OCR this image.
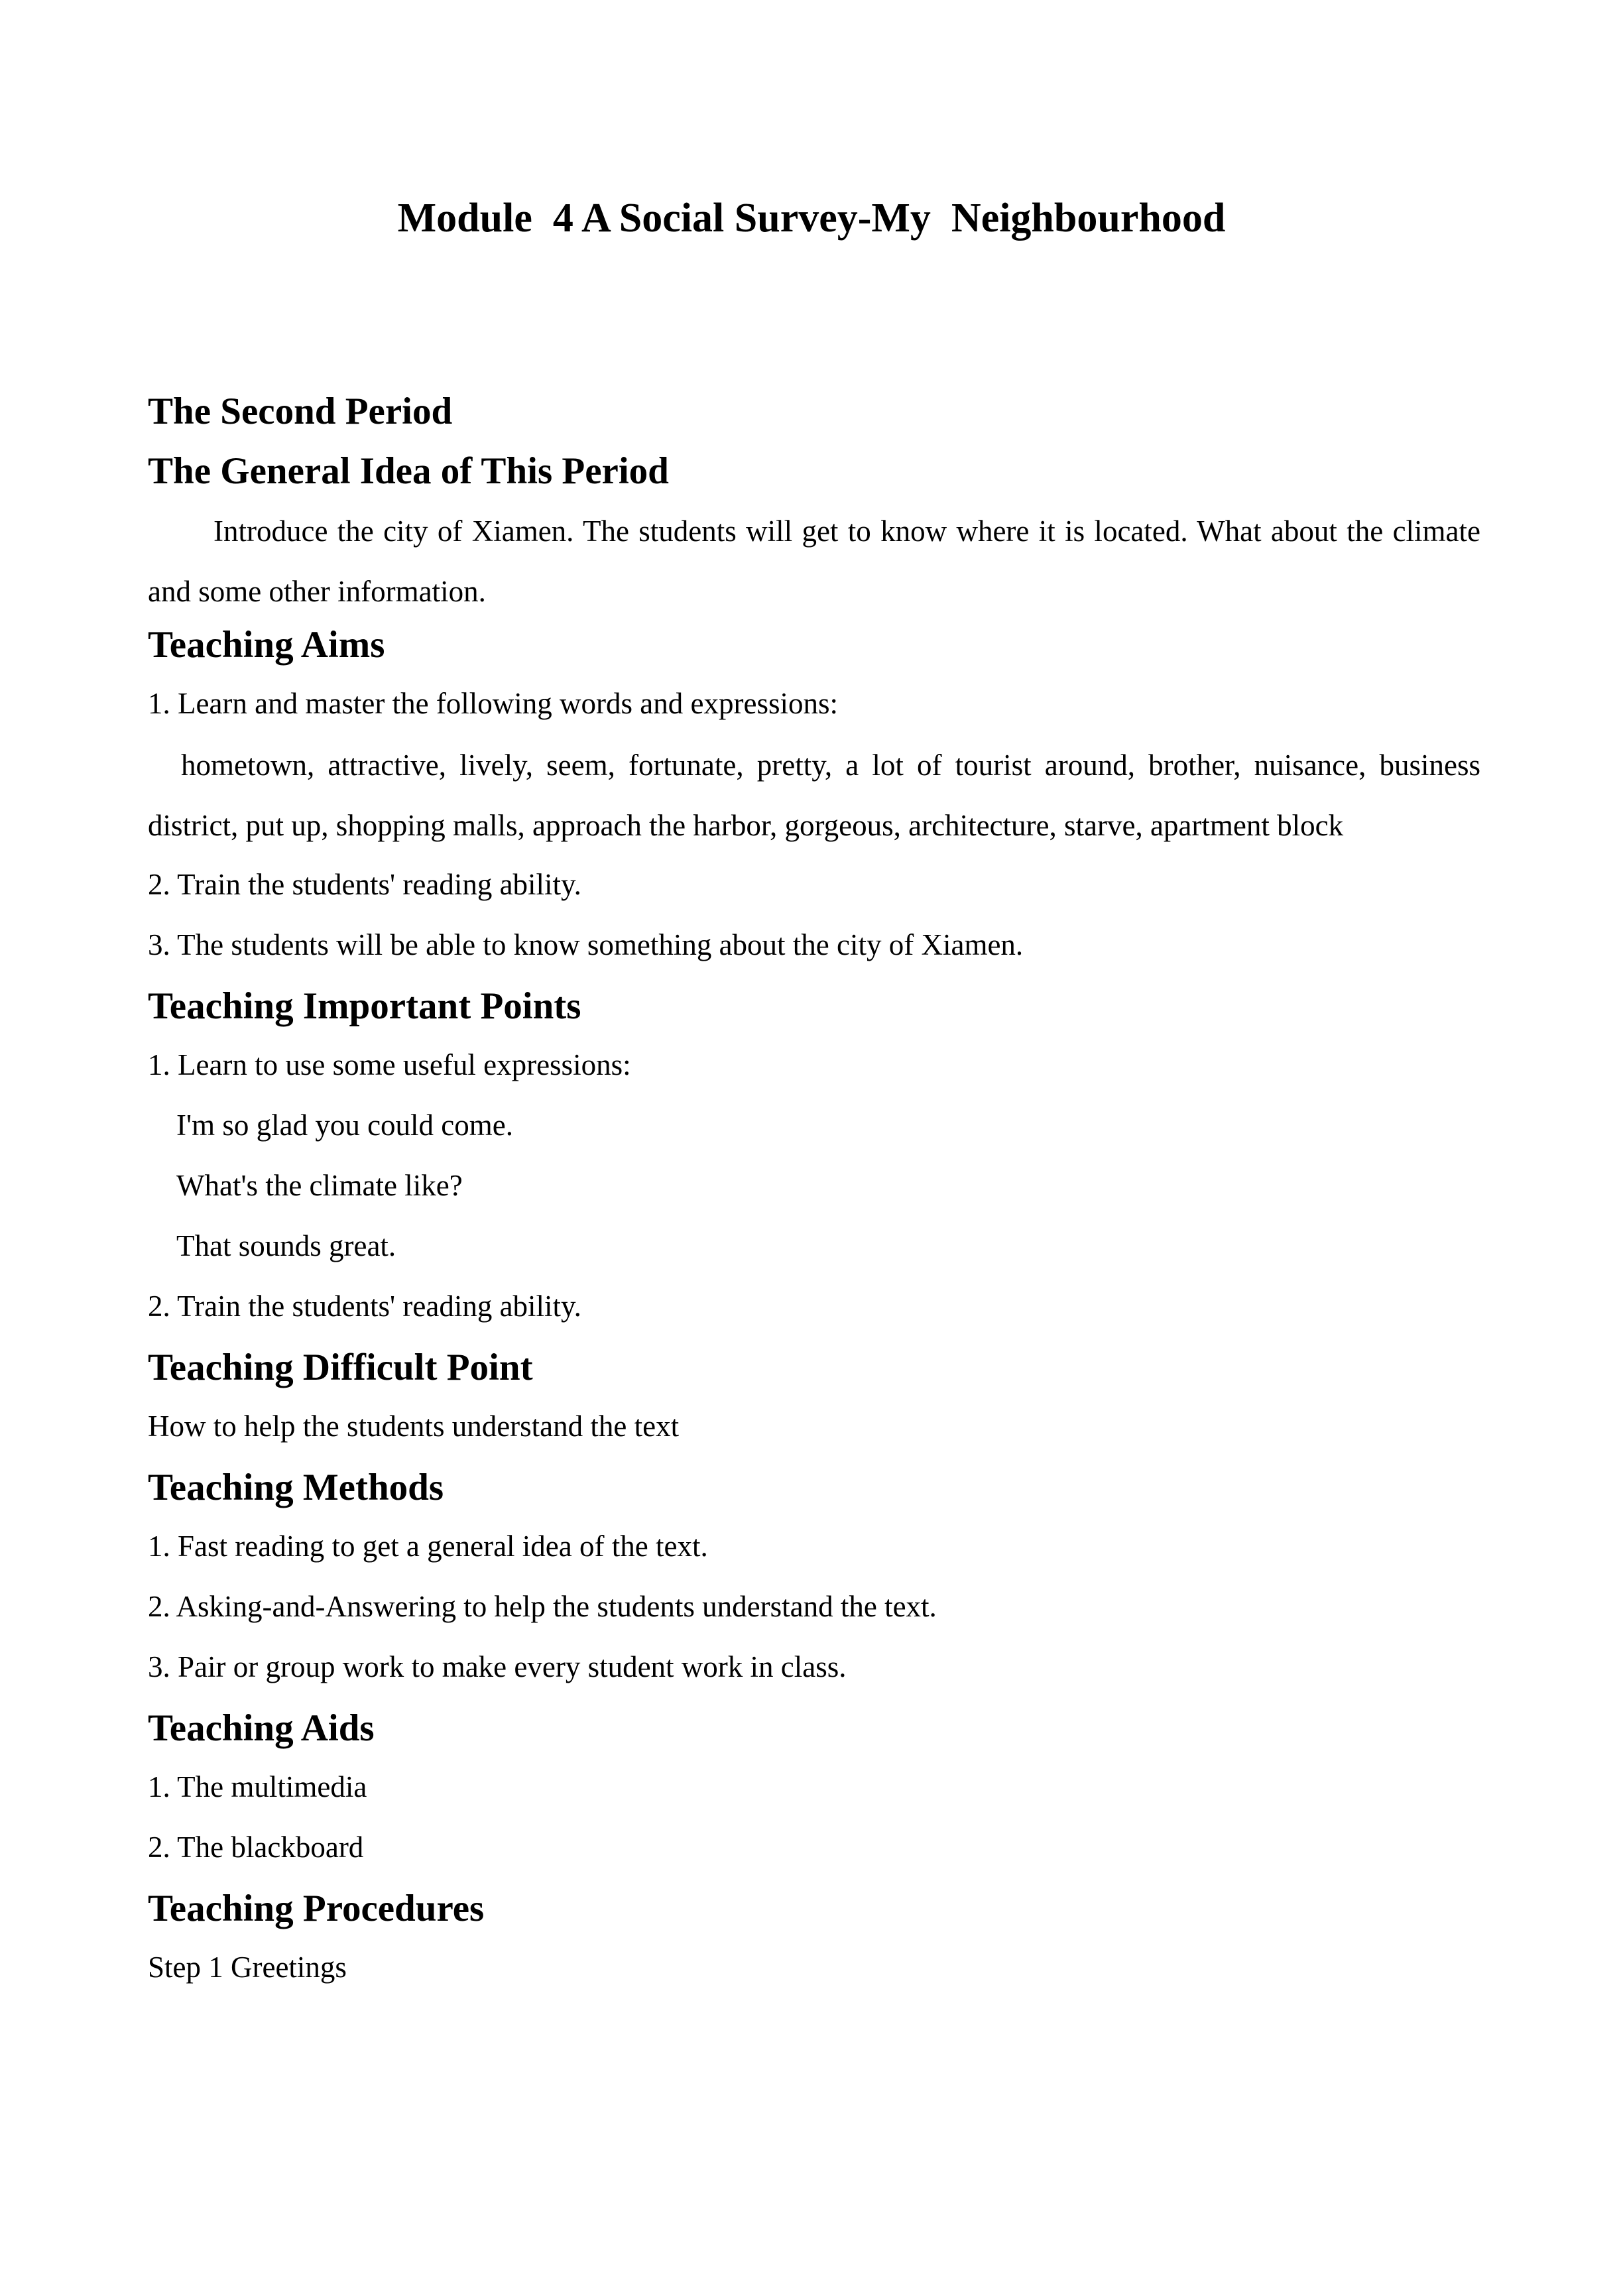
Module  4 A Social Survey-My  Neighbourhood
The Second Period
The General Idea of This Period

Introduce the city of Xiamen. The students will get to know where it is located. What about the climate and some other information.

Teaching Aims
1. Learn and master the following words and expressions:

hometown, attractive, lively, seem, fortunate, pretty, a lot of tourist around, brother, nuisance, business district, put up, shopping malls, approach the harbor, gorgeous, architecture, starve, apartment block

2. Train the students' reading ability.
3. The students will be able to know something about the city of Xiamen.
Teaching Important Points
1. Learn to use some useful expressions:
I'm so glad you could come.
What's the climate like?
That sounds great.
2. Train the students' reading ability.
Teaching Difficult Point
How to help the students understand the text
Teaching Methods
1. Fast reading to get a general idea of the text.
2. Asking-and-Answering to help the students understand the text.
3. Pair or group work to make every student work in class.
Teaching Aids
1. The multimedia
2. The blackboard
Teaching Procedures
Step 1 Greetings
